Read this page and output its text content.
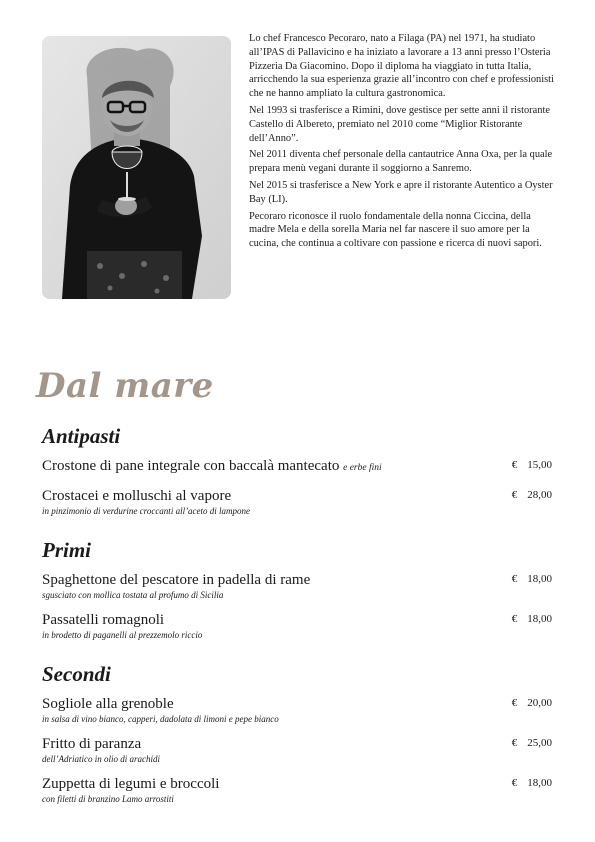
Lo chef Francesco Pecoraro, nato a Filaga (PA) nel 1971, ha studiato all’IPAS di Pallavicino e ha iniziato a lavorare a 13 anni presso l’Osteria Pizzeria Da Giacomino. Dopo il diploma ha viaggiato in tutta Italia, arricchendo la sua esperienza grazie all’incontro con chef e professionisti che ne hanno ampliato la cultura gastronomica.

Nel 1993 si trasferisce a Rimini, dove gestisce per sette anni il ristorante Castello di Albereto, premiato nel 2010 come “Miglior Ristorante dell’Anno”.

Nel 2011 diventa chef personale della cantautrice Anna Oxa, per la quale prepara menù vegani durante il soggiorno a Sanremo.

Nel 2015 si trasferisce a New York e apre il ristorante Autentico a Oyster Bay (LI).

Pecoraro riconosce il ruolo fondamentale della nonna Ciccina, della madre Mela e della sorella Maria nel far nascere il suo amore per la cucina, che continua a coltivare con passione e ricerca di nuovi sapori.

Dal mare
Antipasti
Crostone di pane integrale con baccalà mantecato e erbe fini	€ 15,00
Crostacei e molluschi al vapore
in pinzimonio di verdurine croccanti all’aceto di lampone
€ 28,00
Primi
Spaghettone del pescatore in padella di rame
sgusciato con mollica tostata al profumo di Sicilia
€ 18,00
Passatelli romagnoli
in brodetto di paganelli al prezzemolo riccio
€ 18,00
Secondi
Sogliole alla grenoble
in salsa di vino bianco, capperi, dadolata di limoni e pepe bianco
€ 20,00
Fritto di paranza
dell’Adriatico in olio di arachidi
€ 25,00
Zuppetta di legumi e broccoli
con filetti di branzino Lamo arrostiti
€ 18,00
